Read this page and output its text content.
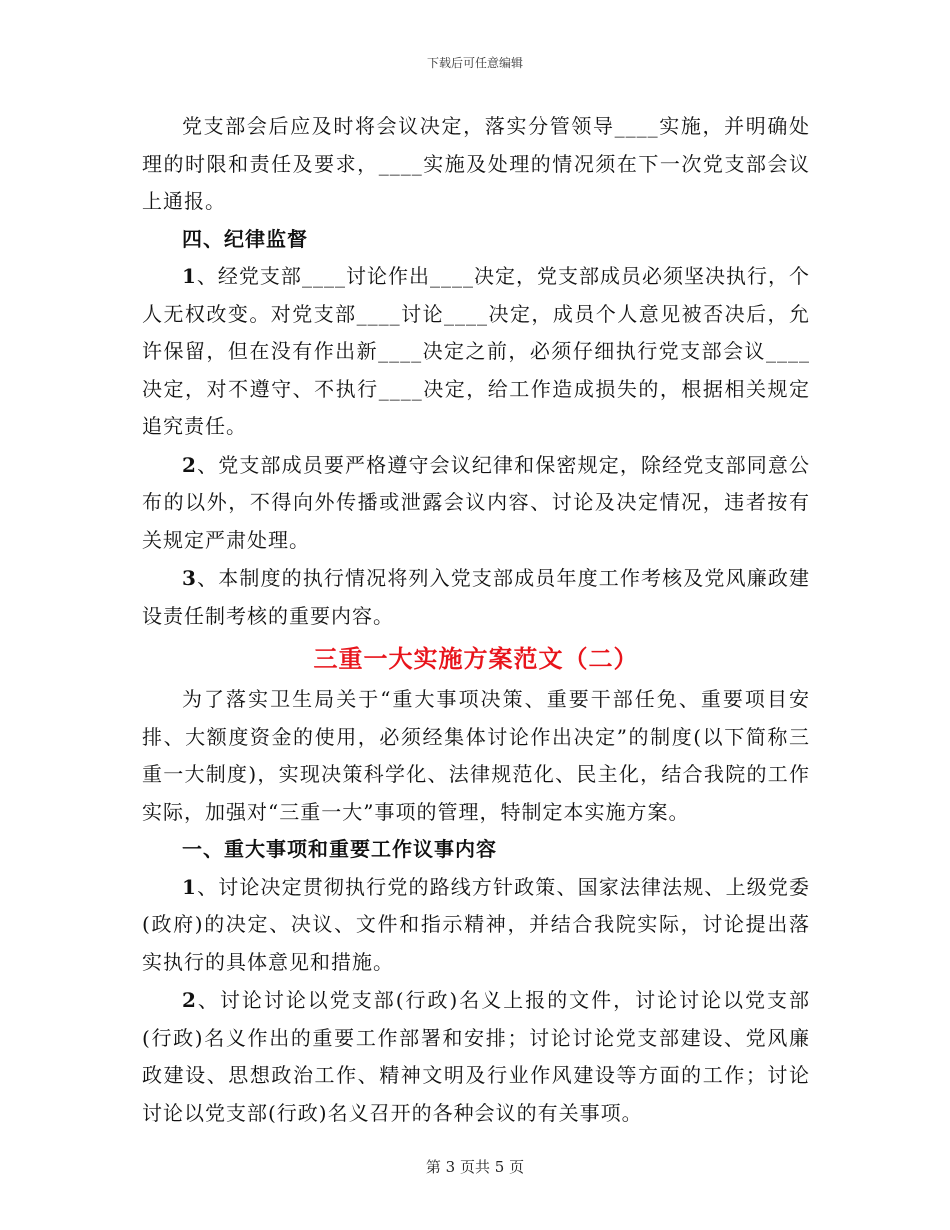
下载后可任意编辑

党支部会后应及时将会议决定，落实分管领导____实施，并明确处理的时限和责任及要求，____实施及处理的情况须在下一次党支部会议上通报。

四、纪律监督

1、经党支部____讨论作出____决定，党支部成员必须坚决执行，个人无权改变。对党支部____讨论____决定，成员个人意见被否决后，允许保留，但在没有作出新____决定之前，必须仔细执行党支部会议____决定，对不遵守、不执行____决定，给工作造成损失的，根据相关规定追究责任。

2、党支部成员要严格遵守会议纪律和保密规定，除经党支部同意公布的以外，不得向外传播或泄露会议内容、讨论及决定情况，违者按有关规定严肃处理。

3、本制度的执行情况将列入党支部成员年度工作考核及党风廉政建设责任制考核的重要内容。

三重一大实施方案范文（二）

为了落实卫生局关于“重大事项决策、重要干部任免、重要项目安排、大额度资金的使用，必须经集体讨论作出决定”的制度(以下简称三重一大制度)，实现决策科学化、法律规范化、民主化，结合我院的工作实际，加强对“三重一大”事项的管理，特制定本实施方案。

一、重大事项和重要工作议事内容

1、讨论决定贯彻执行党的路线方针政策、国家法律法规、上级党委(政府)的决定、决议、文件和指示精神，并结合我院实际，讨论提出落实执行的具体意见和措施。

2、讨论讨论以党支部(行政)名义上报的文件，讨论讨论以党支部(行政)名义作出的重要工作部署和安排；讨论讨论党支部建设、党风廉政建设、思想政治工作、精神文明及行业作风建设等方面的工作；讨论讨论以党支部(行政)名义召开的各种会议的有关事项。

第 3 页共 5 页
